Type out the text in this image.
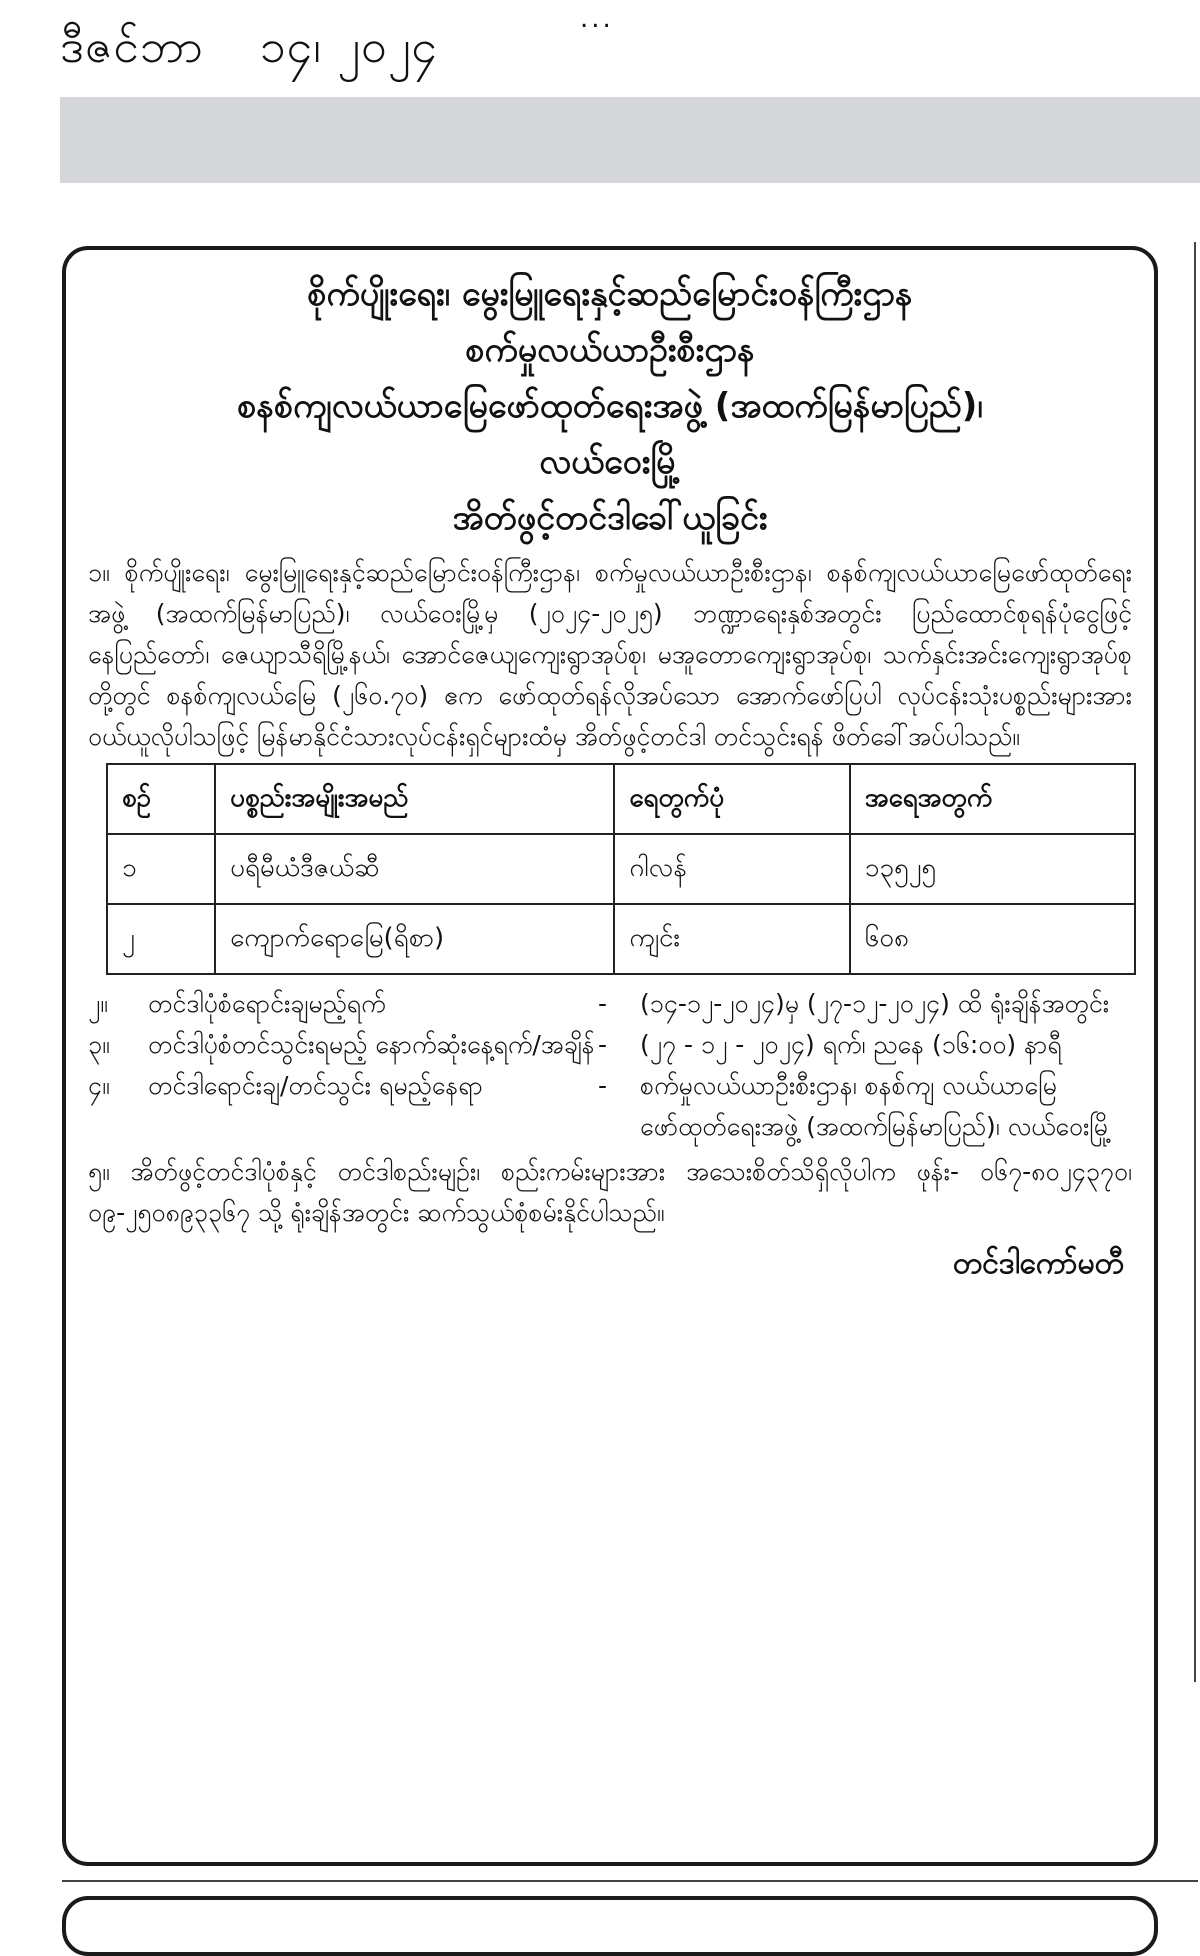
ဒီဇင်ဘာ ၁၄၊ ၂၀၂၄	...
စိုက်ပျိုးရေး၊ မွေးမြူရေးနှင့်ဆည်မြောင်းဝန်ကြီးဌာန
စက်မှုလယ်ယာဦးစီးဌာန
စနစ်ကျလယ်ယာမြေဖော်ထုတ်ရေးအဖွဲ့ (အထက်မြန်မာပြည်)၊
လယ်ဝေးမြို့
အိတ်ဖွင့်တင်ဒါခေါ်ယူခြင်း
၁။ စိုက်ပျိုးရေး၊ မွေးမြူရေးနှင့်ဆည်မြောင်းဝန်ကြီးဌာန၊ စက်မှုလယ်ယာဦးစီးဌာန၊ စနစ်ကျလယ်ယာမြေဖော်ထုတ်ရေးအဖွဲ့ (အထက်မြန်မာပြည်)၊ လယ်ဝေးမြို့မှ (၂၀၂၄-၂၀၂၅) ဘဏ္ဍာရေးနှစ်အတွင်း ပြည်ထောင်စုရန်ပုံငွေဖြင့် နေပြည်တော်၊ ဇေယျာသီရိမြို့နယ်၊ အောင်ဇေယျကျေးရွာအုပ်စု၊ မအူတောကျေးရွာအုပ်စု၊ သက်နှင်းအင်းကျေးရွာအုပ်စုတို့တွင် စနစ်ကျလယ်မြေ (၂၆၀.၇၀) ဧက ဖော်ထုတ်ရန်လိုအပ်သော အောက်ဖော်ပြပါ လုပ်ငန်းသုံးပစ္စည်းများအား ဝယ်ယူလိုပါသဖြင့် မြန်မာနိုင်ငံသားလုပ်ငန်းရှင်များထံမှ အိတ်ဖွင့်တင်ဒါ တင်သွင်းရန် ဖိတ်ခေါ်အပ်ပါသည်။
စဉ်	ပစ္စည်းအမျိုးအမည်	ရေတွက်ပုံ	အရေအတွက်
၁	ပရီမီယံဒီဇယ်ဆီ	ဂါလန်	၁၃၅၂၅
၂	ကျောက်ရောမြေ(ရိစာ)	ကျင်း	၆၀၈
၂။	တင်ဒါပုံစံရောင်းချမည့်ရက်	-	(၁၄-၁၂-၂၀၂၄)မှ (၂၇-၁၂-၂၀၂၄) ထိ ရုံးချိန်အတွင်း
၃။	တင်ဒါပုံစံတင်သွင်းရမည့် နောက်ဆုံးနေ့ရက်/အချိန် -	(၂၇ - ၁၂ - ၂၀၂၄) ရက်၊ ညနေ (၁၆:၀၀) နာရီ
၄။	တင်ဒါရောင်းချ/တင်သွင်း ရမည့်နေရာ	-	စက်မှုလယ်ယာဦးစီးဌာန၊ စနစ်ကျ လယ်ယာမြေဖော်ထုတ်ရေးအဖွဲ့ (အထက်မြန်မာပြည်)၊ လယ်ဝေးမြို့
၅။ အိတ်ဖွင့်တင်ဒါပုံစံနှင့် တင်ဒါစည်းမျဉ်း၊ စည်းကမ်းများအား အသေးစိတ်သိရှိလိုပါက ဖုန်း- ၀၆၇-၈၀၂၄၃၇၀၊ ၀၉-၂၅၀၈၉၃၃၆၇ သို့ ရုံးချိန်အတွင်း ဆက်သွယ်စုံစမ်းနိုင်ပါသည်။
တင်ဒါကော်မတီ
